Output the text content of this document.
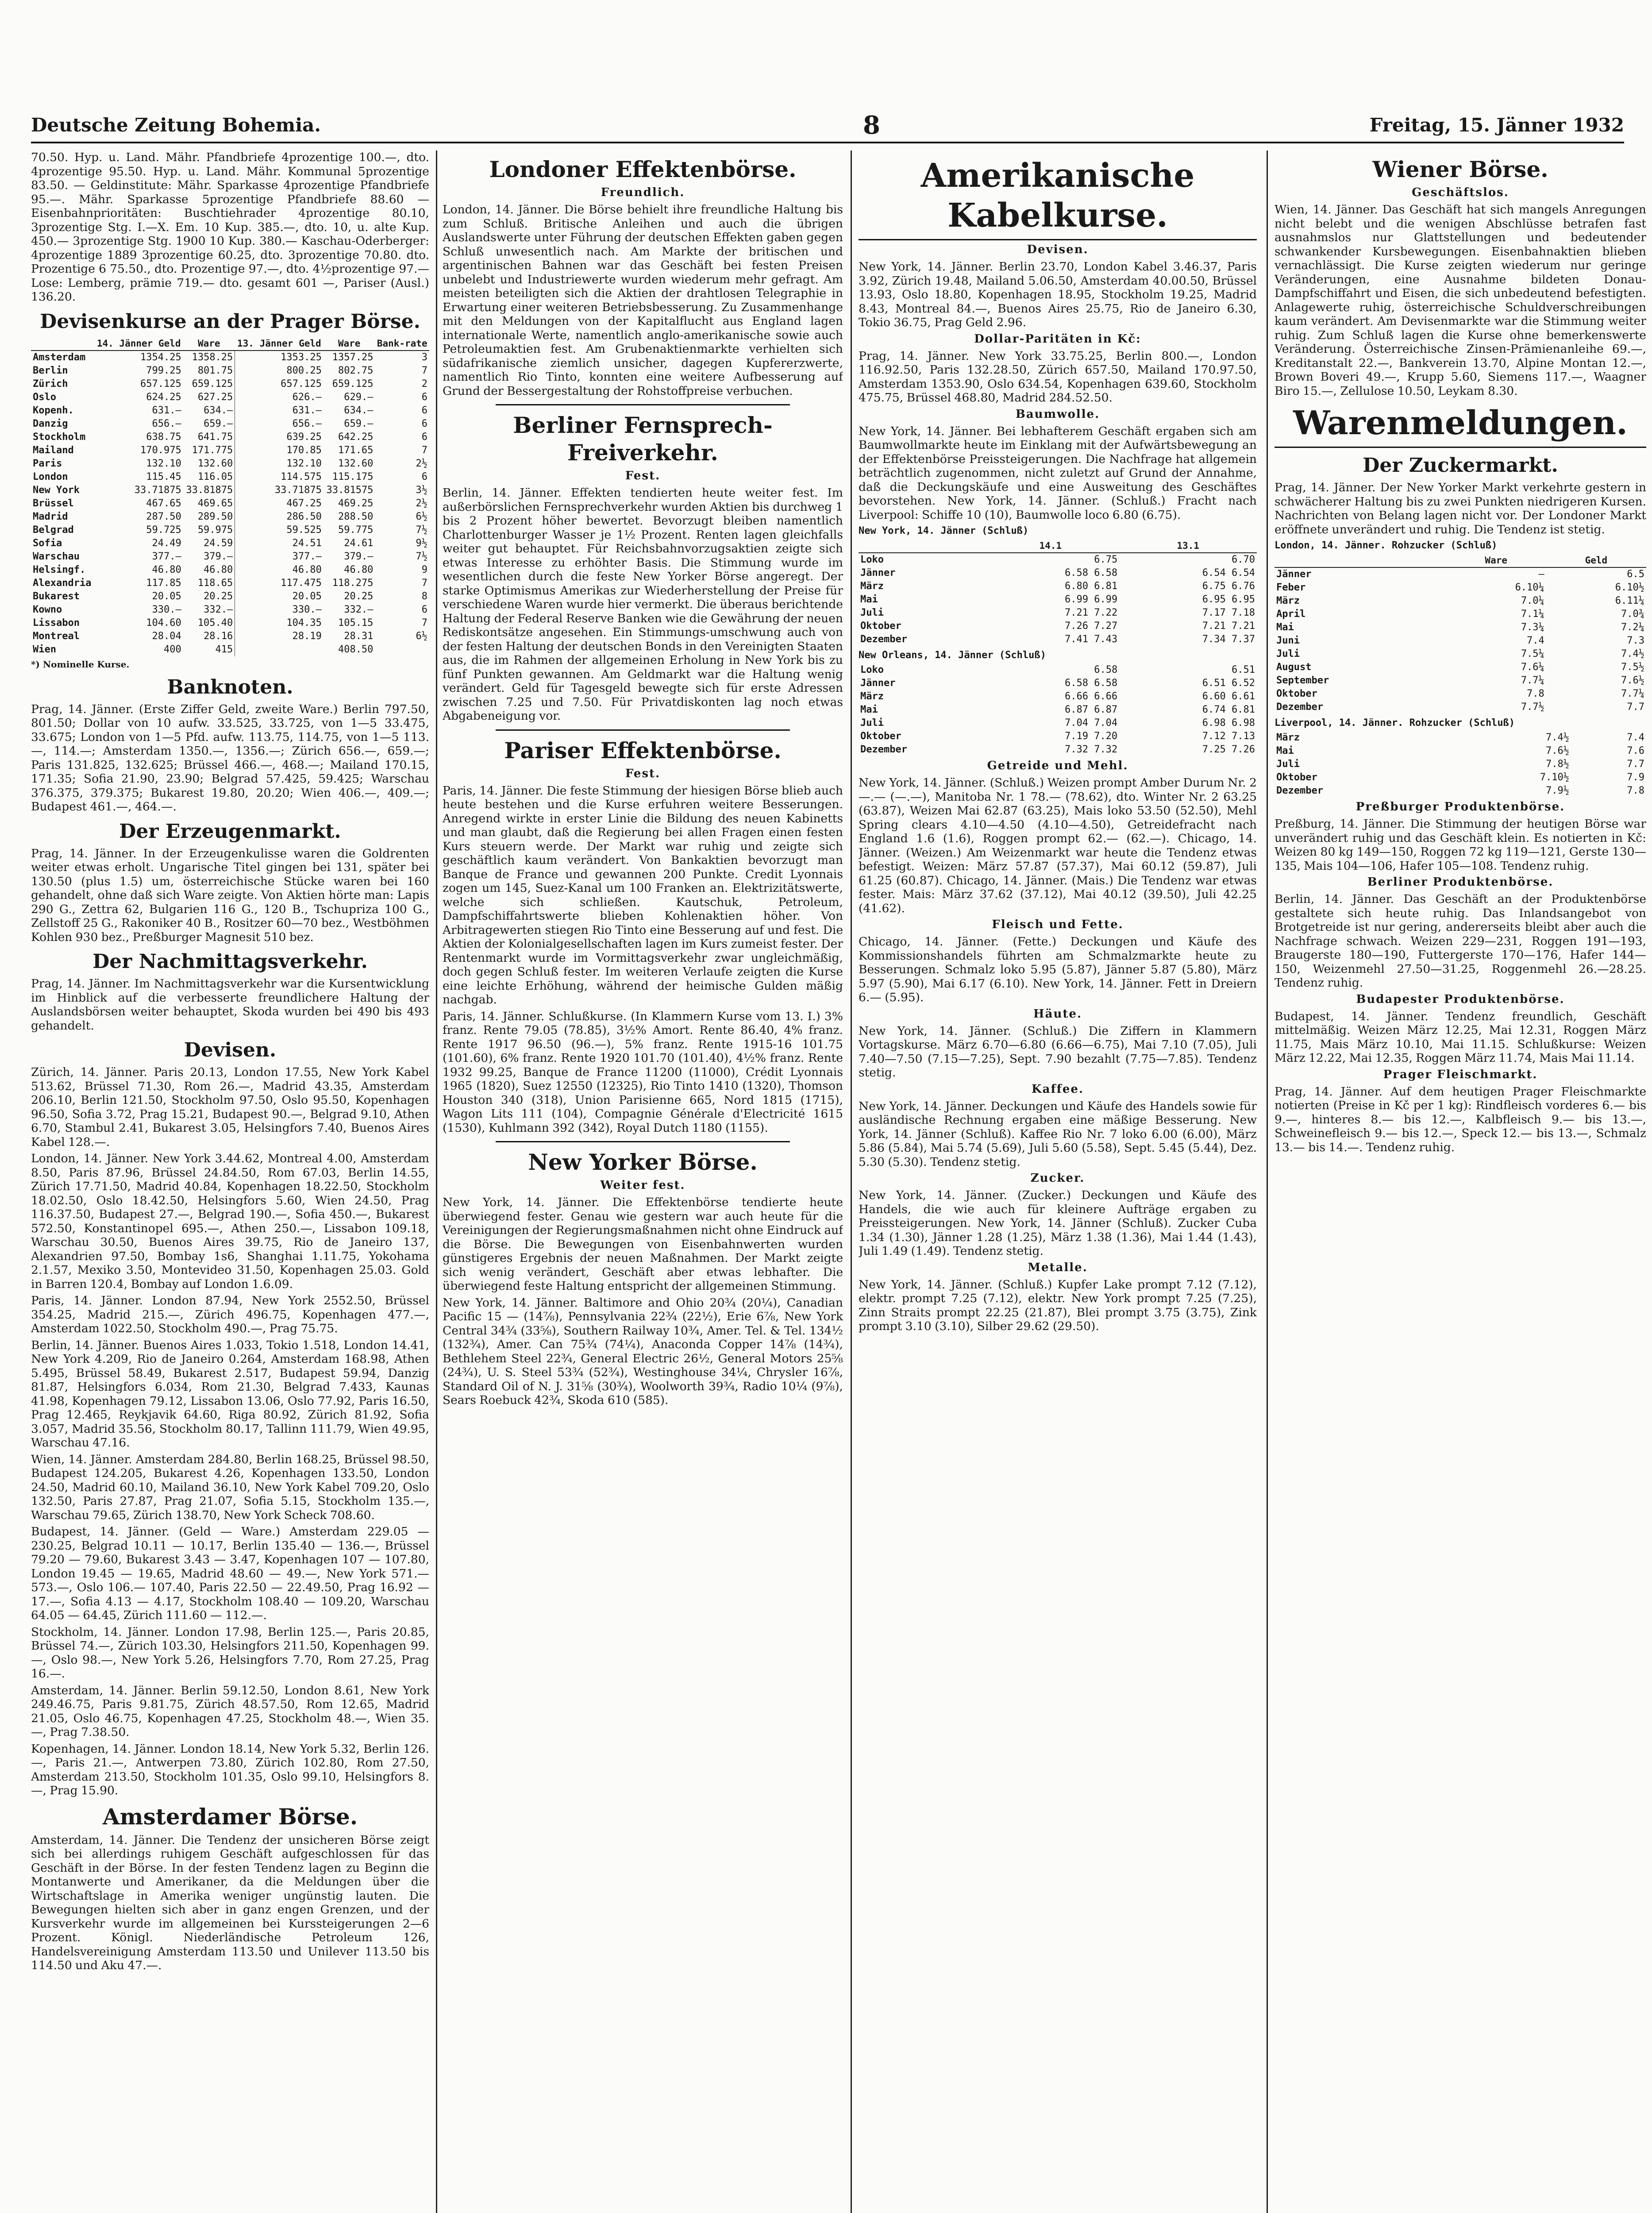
Deutsche Zeitung Bohemia.	8	Freitag, 15. Jänner 1932
70.50. Hyp. u. Land. Mähr. Pfandbriefe 4prozentige 100.—, dto. 4prozentige 95.50. Hyp. u. Land. Mähr. Kommunal 5prozentige 83.50. — Geldinstitute: Mähr. Sparkasse 4prozentige Pfandbriefe 95.—. Mähr. Sparkasse 5prozentige Pfandbriefe 88.60 — Eisenbahnprioritäten: Buschtiehrader 4prozentige 80.10, 3prozentige Stg. I.—X. Em. 10 Kup. 385.—, dto. 10, u. alte Kup. 450.— 3prozentige Stg. 1900 10 Kup. 380.— Kaschau-Oderberger: 4prozentige 1889 3prozentige 60.25, dto. 3prozentige 70.80. dto. Prozentige 6 75.50., dto. Prozentige 97.—, dto. 4½prozentige 97.— Lose: Lemberg, prämie 719.— dto. gesamt 601 —, Pariser (Ausl.) 136.20.
Devisenkurse an der Prager Börse.
	14. Jänner Geld	Ware	13. Jänner Geld	Ware	Bank-rate
Amsterdam	1354.25	1358.25	1353.25	1357.25	3
Berlin	799.25	801.75	800.25	802.75	7
Zürich	657.125	659.125	657.125	659.125	2
Oslo	624.25	627.25	626.—	629.—	6
Kopenh.	631.—	634.—	631.—	634.—	6
Danzig	656.—	659.—	656.—	659.—	6
Stockholm	638.75	641.75	639.25	642.25	6
Mailand	170.975	171.775	170.85	171.65	7
Paris	132.10	132.60	132.10	132.60	2½
London	115.45	116.05	114.575	115.175	6
New York	33.71875	33.81875	33.71875	33.81575	3½
Brüssel	467.65	469.65	467.25	469.25	2½
Madrid	287.50	289.50	286.50	288.50	6½
Belgrad	59.725	59.975	59.525	59.775	7½
Sofia	24.49	24.59	24.51	24.61	9½
Warschau	377.—	379.—	377.—	379.—	7½
Helsingf.	46.80	46.80	46.80	46.80	9
Alexandria	117.85	118.65	117.475	118.275	7
Bukarest	20.05	20.25	20.05	20.25	8
Kowno	330.—	332.—	330.—	332.—	6
Lissabon	104.60	105.40	104.35	105.15	7
Montreal	28.04	28.16	28.19	28.31	6½
Wien	400	415		408.50	
*) Nominelle Kurse.
Banknoten.
Prag, 14. Jänner. (Erste Ziffer Geld, zweite Ware.) Berlin 797.50, 801.50; Dollar von 10 aufw. 33.525, 33.725, von 1—5 33.475, 33.675; London von 1—5 Pfd. aufw. 113.75, 114.75, von 1—5 113.—, 114.—; Amsterdam 1350.—, 1356.—; Zürich 656.—, 659.—; Paris 131.825, 132.625; Brüssel 466.—, 468.—; Mailand 170.15, 171.35; Sofia 21.90, 23.90; Belgrad 57.425, 59.425; Warschau 376.375, 379.375; Bukarest 19.80, 20.20; Wien 406.—, 409.—; Budapest 461.—, 464.—.
Der Erzeugenmarkt.
Prag, 14. Jänner. In der Erzeugenkulisse waren die Goldrenten weiter etwas erholt. Ungarische Titel gingen bei 131, später bei 130.50 (plus 1.5) um, österreichische Stücke waren bei 160 gehandelt, ohne daß sich Ware zeigte. Von Aktien hörte man: Lapis 290 G., Zettra 62, Bulgarien 116 G., 120 B., Tschupriza 100 G., Zellstoff 25 G., Rakoniker 40 B., Rositzer 60—70 bez., Westböhmen Kohlen 930 bez., Preßburger Magnesit 510 bez.
Der Nachmittagsverkehr.
Prag, 14. Jänner. Im Nachmittagsverkehr war die Kursentwicklung im Hinblick auf die verbesserte freundlichere Haltung der Auslandsbörsen weiter behauptet, Skoda wurden bei 490 bis 493 gehandelt.
Devisen.
Zürich, 14. Jänner. Paris 20.13, London 17.55, New York Kabel 513.62, Brüssel 71.30, Rom 26.—, Madrid 43.35, Amsterdam 206.10, Berlin 121.50, Stockholm 97.50, Oslo 95.50, Kopenhagen 96.50, Sofia 3.72, Prag 15.21, Budapest 90.—, Belgrad 9.10, Athen 6.70, Stambul 2.41, Bukarest 3.05, Helsingfors 7.40, Buenos Aires Kabel 128.—.
London, 14. Jänner. New York 3.44.62, Montreal 4.00, Amsterdam 8.50, Paris 87.96, Brüssel 24.84.50, Rom 67.03, Berlin 14.55, Zürich 17.71.50, Madrid 40.84, Kopenhagen 18.22.50, Stockholm 18.02.50, Oslo 18.42.50, Helsingfors 5.60, Wien 24.50, Prag 116.37.50, Budapest 27.—, Belgrad 190.—, Sofia 450.—, Bukarest 572.50, Konstantinopel 695.—, Athen 250.—, Lissabon 109.18, Warschau 30.50, Buenos Aires 39.75, Rio de Janeiro 137, Alexandrien 97.50, Bombay 1s6, Shanghai 1.11.75, Yokohama 2.1.57, Mexiko 3.50, Montevideo 31.50, Kopenhagen 25.03. Gold in Barren 120.4, Bombay auf London 1.6.09.
Paris, 14. Jänner. London 87.94, New York 2552.50, Brüssel 354.25, Madrid 215.—, Zürich 496.75, Kopenhagen 477.—, Amsterdam 1022.50, Stockholm 490.—, Prag 75.75.
Berlin, 14. Jänner. Buenos Aires 1.033, Tokio 1.518, London 14.41, New York 4.209, Rio de Janeiro 0.264, Amsterdam 168.98, Athen 5.495, Brüssel 58.49, Bukarest 2.517, Budapest 59.94, Danzig 81.87, Helsingfors 6.034, Rom 21.30, Belgrad 7.433, Kaunas 41.98, Kopenhagen 79.12, Lissabon 13.06, Oslo 77.92, Paris 16.50, Prag 12.465, Reykjavik 64.60, Riga 80.92, Zürich 81.92, Sofia 3.057, Madrid 35.56, Stockholm 80.17, Tallinn 111.79, Wien 49.95, Warschau 47.16.
Wien, 14. Jänner. Amsterdam 284.80, Berlin 168.25, Brüssel 98.50, Budapest 124.205, Bukarest 4.26, Kopenhagen 133.50, London 24.50, Madrid 60.10, Mailand 36.10, New York Kabel 709.20, Oslo 132.50, Paris 27.87, Prag 21.07, Sofia 5.15, Stockholm 135.—, Warschau 79.65, Zürich 138.70, New York Scheck 708.60.
Budapest, 14. Jänner. (Geld — Ware.) Amsterdam 229.05 — 230.25, Belgrad 10.11 — 10.17, Berlin 135.40 — 136.—, Brüssel 79.20 — 79.60, Bukarest 3.43 — 3.47, Kopenhagen 107 — 107.80, London 19.45 — 19.65, Madrid 48.60 — 49.—, New York 571.— 573.—, Oslo 106.— 107.40, Paris 22.50 — 22.49.50, Prag 16.92 — 17.—, Sofia 4.13 — 4.17, Stockholm 108.40 — 109.20, Warschau 64.05 — 64.45, Zürich 111.60 — 112.—.
Stockholm, 14. Jänner. London 17.98, Berlin 125.—, Paris 20.85, Brüssel 74.—, Zürich 103.30, Helsingfors 211.50, Kopenhagen 99.—, Oslo 98.—, New York 5.26, Helsingfors 7.70, Rom 27.25, Prag 16.—.
Amsterdam, 14. Jänner. Berlin 59.12.50, London 8.61, New York 249.46.75, Paris 9.81.75, Zürich 48.57.50, Rom 12.65, Madrid 21.05, Oslo 46.75, Kopenhagen 47.25, Stockholm 48.—, Wien 35.—, Prag 7.38.50.
Kopenhagen, 14. Jänner. London 18.14, New York 5.32, Berlin 126.—, Paris 21.—, Antwerpen 73.80, Zürich 102.80, Rom 27.50, Amsterdam 213.50, Stockholm 101.35, Oslo 99.10, Helsingfors 8.—, Prag 15.90.
Amsterdamer Börse.
Amsterdam, 14. Jänner. Die Tendenz der unsicheren Börse zeigt sich bei allerdings ruhigem Geschäft aufgeschlossen für das Geschäft in der Börse. In der festen Tendenz lagen zu Beginn die Montanwerte und Amerikaner, da die Meldungen über die Wirtschaftslage in Amerika weniger ungünstig lauten. Die Bewegungen hielten sich aber in ganz engen Grenzen, und der Kursverkehr wurde im allgemeinen bei Kurssteigerungen 2—6 Prozent. Königl. Niederländische Petroleum 126, Handelsvereinigung Amsterdam 113.50 und Unilever 113.50 bis 114.50 und Aku 47.—.
Londoner Effektenbörse.
Freundlich.
London, 14. Jänner. Die Börse behielt ihre freundliche Haltung bis zum Schluß. Britische Anleihen und auch die übrigen Auslandswerte unter Führung der deutschen Effekten gaben gegen Schluß unwesentlich nach. Am Markte der britischen und argentinischen Bahnen war das Geschäft bei festen Preisen unbelebt und Industriewerte wurden wiederum mehr gefragt. Am meisten beteiligten sich die Aktien der drahtlosen Telegraphie in Erwartung einer weiteren Betriebsbesserung. Zu Zusammenhange mit den Meldungen von der Kapitalflucht aus England lagen internationale Werte, namentlich anglo-amerikanische sowie auch Petroleumaktien fest. Am Grubenaktienmarkte verhielten sich südafrikanische ziemlich unsicher, dagegen Kupfererzwerte, namentlich Rio Tinto, konnten eine weitere Aufbesserung auf Grund der Bessergestaltung der Rohstoffpreise verbuchen.
Berliner Fernsprech-Freiverkehr.
Fest.
Berlin, 14. Jänner. Effekten tendierten heute weiter fest. Im außerbörslichen Fernsprechverkehr wurden Aktien bis durchweg 1 bis 2 Prozent höher bewertet. Bevorzugt bleiben namentlich Charlottenburger Wasser je 1½ Prozent. Renten lagen gleichfalls weiter gut behauptet. Für Reichsbahnvorzugsaktien zeigte sich etwas Interesse zu erhöhter Basis. Die Stimmung wurde im wesentlichen durch die feste New Yorker Börse angeregt. Der starke Optimismus Amerikas zur Wiederherstellung der Preise für verschiedene Waren wurde hier vermerkt. Die überaus berichtende Haltung der Federal Reserve Banken wie die Gewährung der neuen Rediskontsätze angesehen. Ein Stimmungs-umschwung auch von der festen Haltung der deutschen Bonds in den Vereinigten Staaten aus, die im Rahmen der allgemeinen Erholung in New York bis zu fünf Punkten gewannen. Am Geldmarkt war die Haltung wenig verändert. Geld für Tagesgeld bewegte sich für erste Adressen zwischen 7.25 und 7.50. Für Privatdiskonten lag noch etwas Abgabeneigung vor.
Pariser Effektenbörse.
Fest.
Paris, 14. Jänner. Die feste Stimmung der hiesigen Börse blieb auch heute bestehen und die Kurse erfuhren weitere Besserungen. Anregend wirkte in erster Linie die Bildung des neuen Kabinetts und man glaubt, daß die Regierung bei allen Fragen einen festen Kurs steuern werde. Der Markt war ruhig und zeigte sich geschäftlich kaum verändert. Von Bankaktien bevorzugt man Banque de France und gewannen 200 Punkte. Credit Lyonnais zogen um 145, Suez-Kanal um 100 Franken an. Elektrizitätswerte, welche sich schließen. Kautschuk, Petroleum, Dampfschiffahrtswerte blieben Kohlenaktien höher. Von Arbitragewerten stiegen Rio Tinto eine Besserung auf und fest. Die Aktien der Kolonialgesellschaften lagen im Kurs zumeist fester. Der Rentenmarkt wurde im Vormittagsverkehr zwar ungleichmäßig, doch gegen Schluß fester. Im weiteren Verlaufe zeigten die Kurse eine leichte Erhöhung, während der heimische Gulden mäßig nachgab.
Paris, 14. Jänner. Schlußkurse. (In Klammern Kurse vom 13. I.) 3% franz. Rente 79.05 (78.85), 3½% Amort. Rente 86.40, 4% franz. Rente 1917 96.50 (96.—), 5% franz. Rente 1915-16 101.75 (101.60), 6% franz. Rente 1920 101.70 (101.40), 4½% franz. Rente 1932 99.25, Banque de France 11200 (11000), Crédit Lyonnais 1965 (1820), Suez 12550 (12325), Rio Tinto 1410 (1320), Thomson Houston 340 (318), Union Parisienne 665, Nord 1815 (1715), Wagon Lits 111 (104), Compagnie Générale d'Electricité 1615 (1530), Kuhlmann 392 (342), Royal Dutch 1180 (1155).
New Yorker Börse.
Weiter fest.
New York, 14. Jänner. Die Effektenbörse tendierte heute überwiegend fester. Genau wie gestern war auch heute für die Vereinigungen der Regierungsmaßnahmen nicht ohne Eindruck auf die Börse. Die Bewegungen von Eisenbahnwerten wurden günstigeres Ergebnis der neuen Maßnahmen. Der Markt zeigte sich wenig verändert, Geschäft aber etwas lebhafter. Die überwiegend feste Haltung entspricht der allgemeinen Stimmung.
New York, 14. Jänner. Baltimore and Ohio 20¾ (20¼), Canadian Pacific 15 — (14⅞), Pennsylvania 22¾ (22½), Erie 6⅞, New York Central 34¾ (33⅝), Southern Railway 10¾, Amer. Tel. & Tel. 134½ (132¾), Amer. Can 75¾ (74¼), Anaconda Copper 14⅞ (14¾), Bethlehem Steel 22¾, General Electric 26½, General Motors 25⅝ (24¾), U. S. Steel 53¾ (52¾), Westinghouse 34¼, Chrysler 16⅞, Standard Oil of N. J. 31⅝ (30¾), Woolworth 39¾, Radio 10¼ (9⅞), Sears Roebuck 42¾, Skoda 610 (585).
Amerikanische Kabelkurse.
Devisen.
New York, 14. Jänner. Berlin 23.70, London Kabel 3.46.37, Paris 3.92, Zürich 19.48, Mailand 5.06.50, Amsterdam 40.00.50, Brüssel 13.93, Oslo 18.80, Kopenhagen 18.95, Stockholm 19.25, Madrid 8.43, Montreal 84.—, Buenos Aires 25.75, Rio de Janeiro 6.30, Tokio 36.75, Prag Geld 2.96.
Dollar-Paritäten in Kč:
Prag, 14. Jänner. New York 33.75.25, Berlin 800.—, London 116.92.50, Paris 132.28.50, Zürich 657.50, Mailand 170.97.50, Amsterdam 1353.90, Oslo 634.54, Kopenhagen 639.60, Stockholm 475.75, Brüssel 468.80, Madrid 284.52.50.
Baumwolle.
New York, 14. Jänner. Bei lebhafterem Geschäft ergaben sich am Baumwollmarkte heute im Einklang mit der Aufwärtsbewegung an der Effektenbörse Preissteigerungen. Die Nachfrage hat allgemein beträchtlich zugenommen, nicht zuletzt auf Grund der Annahme, daß die Deckungskäufe und eine Ausweitung des Geschäftes bevorstehen. New York, 14. Jänner. (Schluß.) Fracht nach Liverpool: Schiffe 10 (10), Baumwolle loco 6.80 (6.75).
New York, 14. Jänner (Schluß)
	14.1	13.1
Loko	6.75	6.70
Jänner	6.58 6.58	6.54 6.54
März	6.80 6.81	6.75 6.76
Mai	6.99 6.99	6.95 6.95
Juli	7.21 7.22	7.17 7.18
Oktober	7.26 7.27	7.21 7.21
Dezember	7.41 7.43	7.34 7.37
New Orleans, 14. Jänner (Schluß)
Loko	6.58	6.51
Jänner	6.58 6.58	6.51 6.52
März	6.66 6.66	6.60 6.61
Mai	6.87 6.87	6.74 6.81
Juli	7.04 7.04	6.98 6.98
Oktober	7.19 7.20	7.12 7.13
Dezember	7.32 7.32	7.25 7.26
Getreide und Mehl.
New York, 14. Jänner. (Schluß.) Weizen prompt Amber Durum Nr. 2 —.— (—.—), Manitoba Nr. 1 78.— (78.62), dto. Winter Nr. 2 63.25 (63.87), Weizen Mai 62.87 (63.25), Mais loko 53.50 (52.50), Mehl Spring clears 4.10—4.50 (4.10—4.50), Getreidefracht nach England 1.6 (1.6), Roggen prompt 62.— (62.—). Chicago, 14. Jänner. (Weizen.) Am Weizenmarkt war heute die Tendenz etwas befestigt. Weizen: März 57.87 (57.37), Mai 60.12 (59.87), Juli 61.25 (60.87). Chicago, 14. Jänner. (Mais.) Die Tendenz war etwas fester. Mais: März 37.62 (37.12), Mai 40.12 (39.50), Juli 42.25 (41.62).
Fleisch und Fette.
Chicago, 14. Jänner. (Fette.) Deckungen und Käufe des Kommissionshandels führten am Schmalzmarkte heute zu Besserungen. Schmalz loko 5.95 (5.87), Jänner 5.87 (5.80), März 5.97 (5.90), Mai 6.17 (6.10). New York, 14. Jänner. Fett in Dreiern 6.— (5.95).
Häute.
New York, 14. Jänner. (Schluß.) Die Ziffern in Klammern Vortagskurse. März 6.70—6.80 (6.66—6.75), Mai 7.10 (7.05), Juli 7.40—7.50 (7.15—7.25), Sept. 7.90 bezahlt (7.75—7.85). Tendenz stetig.
Kaffee.
New York, 14. Jänner. Deckungen und Käufe des Handels sowie für ausländische Rechnung ergaben eine mäßige Besserung. New York, 14. Jänner (Schluß). Kaffee Rio Nr. 7 loko 6.00 (6.00), März 5.86 (5.84), Mai 5.74 (5.69), Juli 5.60 (5.58), Sept. 5.45 (5.44), Dez. 5.30 (5.30). Tendenz stetig.
Zucker.
New York, 14. Jänner. (Zucker.) Deckungen und Käufe des Handels, die wie auch für kleinere Aufträge ergaben zu Preissteigerungen. New York, 14. Jänner (Schluß). Zucker Cuba 1.34 (1.30), Jänner 1.28 (1.25), März 1.38 (1.36), Mai 1.44 (1.43), Juli 1.49 (1.49). Tendenz stetig.
Metalle.
New York, 14. Jänner. (Schluß.) Kupfer Lake prompt 7.12 (7.12), elektr. prompt 7.25 (7.12), elektr. New York prompt 7.25 (7.25), Zinn Straits prompt 22.25 (21.87), Blei prompt 3.75 (3.75), Zink prompt 3.10 (3.10), Silber 29.62 (29.50).
Wiener Börse.
Geschäftslos.
Wien, 14. Jänner. Das Geschäft hat sich mangels Anregungen nicht belebt und die wenigen Abschlüsse betrafen fast ausnahmslos nur Glattstellungen und bedeutender schwankender Kursbewegungen. Eisenbahnaktien blieben vernachlässigt. Die Kurse zeigten wiederum nur geringe Veränderungen, eine Ausnahme bildeten Donau-Dampfschiffahrt und Eisen, die sich unbedeutend befestigten. Anlagewerte ruhig, österreichische Schuldverschreibungen kaum verändert. Am Devisenmarkte war die Stimmung weiter ruhig. Zum Schluß lagen die Kurse ohne bemerkenswerte Veränderung. Österreichische Zinsen-Prämienanleihe 69.—, Kreditanstalt 22.—, Bankverein 13.70, Alpine Montan 12.—, Brown Boveri 49.—, Krupp 5.60, Siemens 117.—, Waagner Biro 15.—, Zellulose 10.50, Leykam 8.30.
Warenmeldungen.
Der Zuckermarkt.
Prag, 14. Jänner. Der New Yorker Markt verkehrte gestern in schwächerer Haltung bis zu zwei Punkten niedrigeren Kursen. Nachrichten von Belang lagen nicht vor. Der Londoner Markt eröffnete unverändert und ruhig. Die Tendenz ist stetig.
London, 14. Jänner. Rohzucker (Schluß)
	Ware	Geld
Jänner	—	6.5
Feber	6.10¼	6.10½
März	7.0¼	6.11¼
April	7.1¼	7.0¾
Mai	7.3¼	7.2¼
Juni	7.4	7.3
Juli	7.5¼	7.4½
August	7.6¼	7.5½
September	7.7¼	7.6½
Oktober	7.8	7.7¼
Dezember	7.7½	7.7
Liverpool, 14. Jänner. Rohzucker (Schluß)
März	7.4½	7.4
Mai	7.6½	7.6
Juli	7.8½	7.7
Oktober	7.10½	7.9
Dezember	7.9½	7.8
Preßburger Produktenbörse.
Preßburg, 14. Jänner. Die Stimmung der heutigen Börse war unverändert ruhig und das Geschäft klein. Es notierten in Kč: Weizen 80 kg 149—150, Roggen 72 kg 119—121, Gerste 130—135, Mais 104—106, Hafer 105—108. Tendenz ruhig.
Berliner Produktenbörse.
Berlin, 14. Jänner. Das Geschäft an der Produktenbörse gestaltete sich heute ruhig. Das Inlandsangebot von Brotgetreide ist nur gering, andererseits bleibt aber auch die Nachfrage schwach. Weizen 229—231, Roggen 191—193, Braugerste 180—190, Futtergerste 170—176, Hafer 144—150, Weizenmehl 27.50—31.25, Roggenmehl 26.—28.25. Tendenz ruhig.
Budapester Produktenbörse.
Budapest, 14. Jänner. Tendenz freundlich, Geschäft mittelmäßig. Weizen März 12.25, Mai 12.31, Roggen März 11.75, Mais März 10.10, Mai 11.15. Schlußkurse: Weizen März 12.22, Mai 12.35, Roggen März 11.74, Mais Mai 11.14.
Prager Fleischmarkt.
Prag, 14. Jänner. Auf dem heutigen Prager Fleischmarkte notierten (Preise in Kč per 1 kg): Rindfleisch vorderes 6.— bis 9.—, hinteres 8.— bis 12.—, Kalbfleisch 9.— bis 13.—, Schweinefleisch 9.— bis 12.—, Speck 12.— bis 13.—, Schmalz 13.— bis 14.—. Tendenz ruhig.
